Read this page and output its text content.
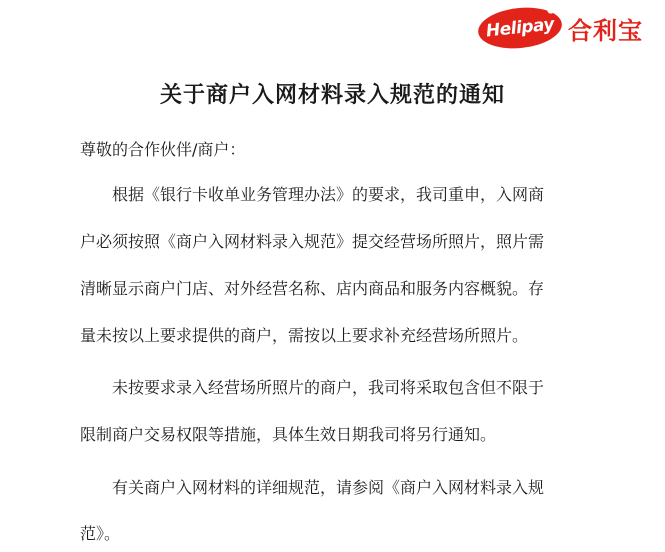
Helipay 合利宝
关于商户入网材料录入规范的通知
尊敬的合作伙伴/商户：
根据《银行卡收单业务管理办法》的要求，我司重申，入网商
户必须按照《商户入网材料录入规范》提交经营场所照片，照片需
清晰显示商户门店、对外经营名称、店内商品和服务内容概貌。存
量未按以上要求提供的商户，需按以上要求补充经营场所照片。
未按要求录入经营场所照片的商户，我司将采取包含但不限于
限制商户交易权限等措施，具体生效日期我司将另行通知。
有关商户入网材料的详细规范，请参阅《商户入网材料录入规
范》。
